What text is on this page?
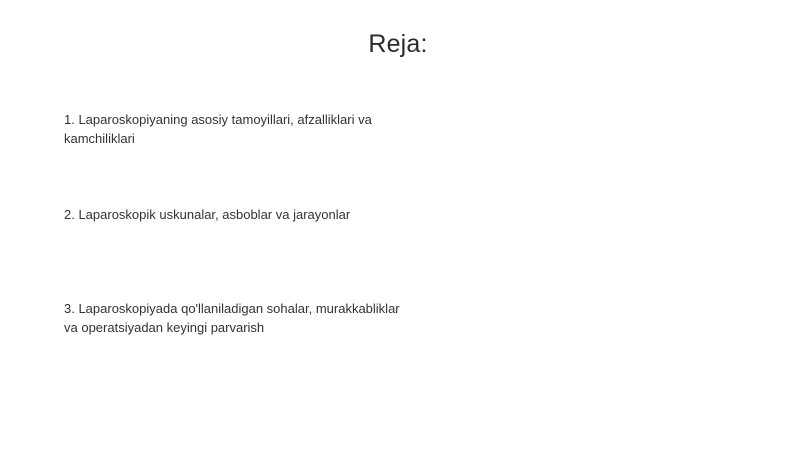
Reja:
1. Laparoskopiyaning asosiy tamoyillari, afzalliklari va kamchiliklari
2. Laparoskopik uskunalar, asboblar va jarayonlar
3. Laparoskopiyada qo'llaniladigan sohalar, murakkabliklar va operatsiyadan keyingi parvarish
